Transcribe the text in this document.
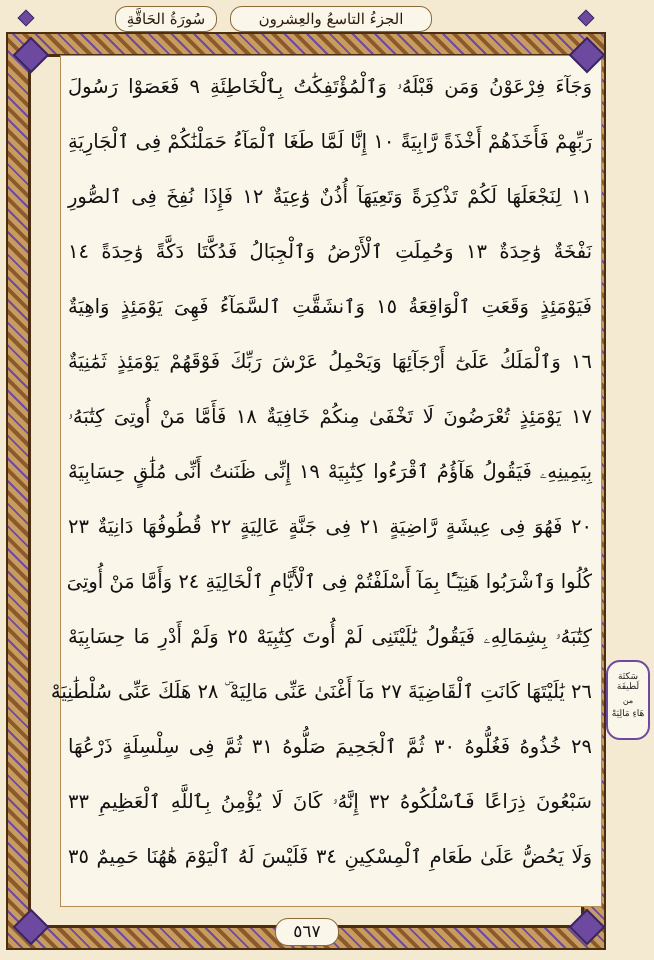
سُورَةُ الحَاقَّةِ	الجزءُ التاسعُ والعِشرون
وَجَآءَ فِرْعَوْنُ وَمَن قَبْلَهُۥ وَٱلْمُؤْتَفِكَٰتُ بِٱلْخَاطِئَةِ ٩ فَعَصَوْا رَسُولَ
رَبِّهِمْ فَأَخَذَهُمْ أَخْذَةً رَّابِيَةً ١٠ إِنَّا لَمَّا طَغَا ٱلْمَآءُ حَمَلْنَٰكُمْ فِى ٱلْجَارِيَةِ
١١ لِنَجْعَلَهَا لَكُمْ تَذْكِرَةً وَتَعِيَهَآ أُذُنٌ وَٰعِيَةٌ ١٢ فَإِذَا نُفِخَ فِى ٱلصُّورِ
نَفْخَةٌ وَٰحِدَةٌ ١٣ وَحُمِلَتِ ٱلْأَرْضُ وَٱلْجِبَالُ فَدُكَّتَا دَكَّةً وَٰحِدَةً ١٤
فَيَوْمَئِذٍ وَقَعَتِ ٱلْوَاقِعَةُ ١٥ وَٱنشَقَّتِ ٱلسَّمَآءُ فَهِىَ يَوْمَئِذٍ وَاهِيَةٌ
١٦ وَٱلْمَلَكُ عَلَىٰٓ أَرْجَآئِهَا وَيَحْمِلُ عَرْشَ رَبِّكَ فَوْقَهُمْ يَوْمَئِذٍ ثَمَٰنِيَةٌ
١٧ يَوْمَئِذٍ تُعْرَضُونَ لَا تَخْفَىٰ مِنكُمْ خَافِيَةٌ ١٨ فَأَمَّا مَنْ أُوتِىَ كِتَٰبَهُۥ
بِيَمِينِهِۦ فَيَقُولُ هَآؤُمُ ٱقْرَءُوا كِتَٰبِيَهْ ١٩ إِنِّى ظَنَنتُ أَنِّى مُلَٰقٍ حِسَابِيَهْ
٢٠ فَهُوَ فِى عِيشَةٍ رَّاضِيَةٍ ٢١ فِى جَنَّةٍ عَالِيَةٍ ٢٢ قُطُوفُهَا دَانِيَةٌ ٢٣
كُلُوا وَٱشْرَبُوا هَنِيٓـًٔا بِمَآ أَسْلَفْتُمْ فِى ٱلْأَيَّامِ ٱلْخَالِيَةِ ٢٤ وَأَمَّا مَنْ أُوتِىَ
كِتَٰبَهُۥ بِشِمَالِهِۦ فَيَقُولُ يَٰلَيْتَنِى لَمْ أُوتَ كِتَٰبِيَهْ ٢٥ وَلَمْ أَدْرِ مَا حِسَابِيَهْ
٢٦ يَٰلَيْتَهَا كَانَتِ ٱلْقَاضِيَةَ ٢٧ مَآ أَغْنَىٰ عَنِّى مَالِيَهْ ۜ ٢٨ هَلَكَ عَنِّى سُلْطَٰنِيَهْ
٢٩ خُذُوهُ فَغُلُّوهُ ٣٠ ثُمَّ ٱلْجَحِيمَ صَلُّوهُ ٣١ ثُمَّ فِى سِلْسِلَةٍ ذَرْعُهَا
سَبْعُونَ ذِرَاعًا فَٱسْلُكُوهُ ٣٢ إِنَّهُۥ كَانَ لَا يُؤْمِنُ بِٱللَّهِ ٱلْعَظِيمِ ٣٣
وَلَا يَحُضُّ عَلَىٰ طَعَامِ ٱلْمِسْكِينِ ٣٤ فَلَيْسَ لَهُ ٱلْيَوْمَ هَٰهُنَا حَمِيمٌ ٣٥
سَكتَة لَطيفَة
من
هَاءِ مَالِيَهْ
٥٦٧
